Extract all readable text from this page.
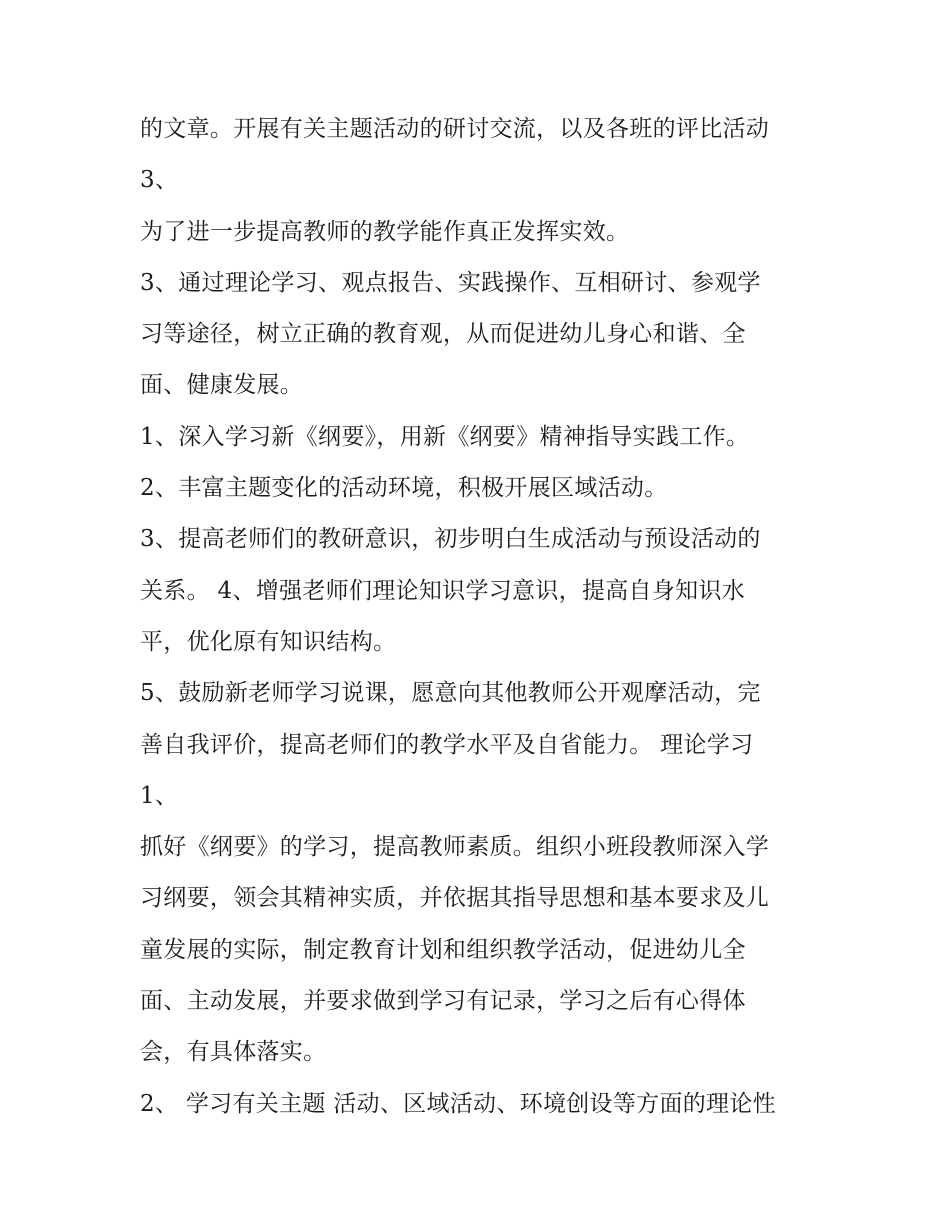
的文章。开展有关主题活动的研讨交流，以及各班的评比活动
3、
为了进一步提高教师的教学能作真正发挥实效。
3、通过理论学习、观点报告、实践操作、互相研讨、参观学
习等途径，树立正确的教育观，从而促进幼儿身心和谐、全
面、健康发展。
1、深入学习新《纲要》，用新《纲要》精神指导实践工作。
2、丰富主题变化的活动环境，积极开展区域活动。
3、提高老师们的教研意识，初步明白生成活动与预设活动的
关系。 4、增强老师们理论知识学习意识，提高自身知识水
平，优化原有知识结构。
5、鼓励新老师学习说课，愿意向其他教师公开观摩活动，完
善自我评价，提高老师们的教学水平及自省能力。 理论学习
1、
抓好《纲要》的学习，提高教师素质。组织小班段教师深入学
习纲要，领会其精神实质，并依据其指导思想和基本要求及儿
童发展的实际，制定教育计划和组织教学活动，促进幼儿全
面、主动发展，并要求做到学习有记录，学习之后有心得体
会，有具体落实。
2、 学习有关主题 活动、区域活动、环境创设等方面的理论性
